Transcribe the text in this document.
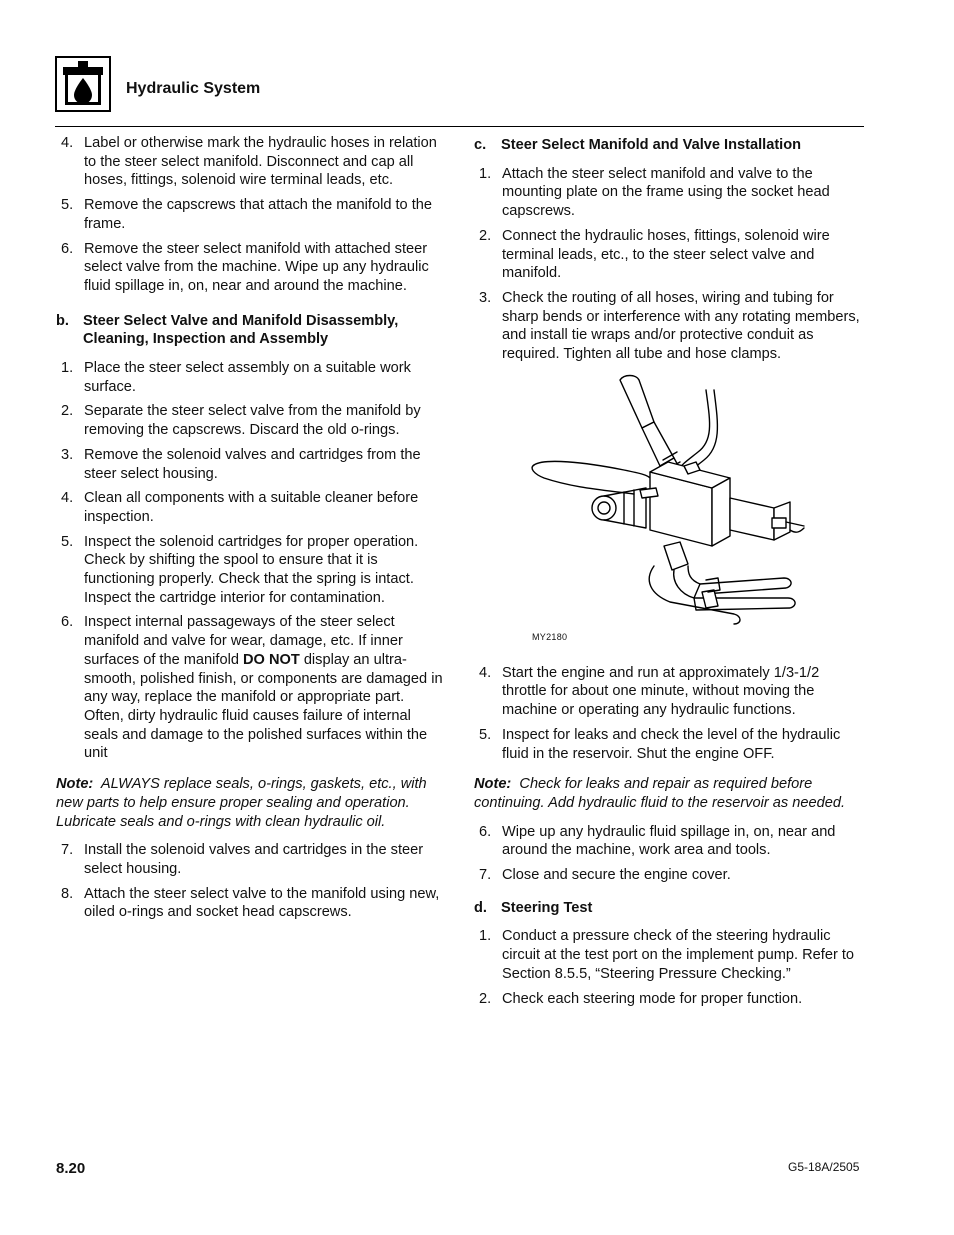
Hydraulic System
4. Label or otherwise mark the hydraulic hoses in relation to the steer select manifold. Disconnect and cap all hoses, fittings, solenoid wire terminal leads, etc.
5. Remove the capscrews that attach the manifold to the frame.
6. Remove the steer select manifold with attached steer select valve from the machine. Wipe up any hydraulic fluid spillage in, on, near and around the machine.
b. Steer Select Valve and Manifold Disassembly, Cleaning, Inspection and Assembly
1. Place the steer select assembly on a suitable work surface.
2. Separate the steer select valve from the manifold by removing the capscrews. Discard the old o-rings.
3. Remove the solenoid valves and cartridges from the steer select housing.
4. Clean all components with a suitable cleaner before inspection.
5. Inspect the solenoid cartridges for proper operation. Check by shifting the spool to ensure that it is functioning properly. Check that the spring is intact. Inspect the cartridge interior for contamination.
6. Inspect internal passageways of the steer select manifold and valve for wear, damage, etc. If inner surfaces of the manifold DO NOT display an ultra-smooth, polished finish, or components are damaged in any way, replace the manifold or appropriate part. Often, dirty hydraulic fluid causes failure of internal seals and damage to the polished surfaces within the unit
Note: ALWAYS replace seals, o-rings, gaskets, etc., with new parts to help ensure proper sealing and operation. Lubricate seals and o-rings with clean hydraulic oil.
7. Install the solenoid valves and cartridges in the steer select housing.
8. Attach the steer select valve to the manifold using new, oiled o-rings and socket head capscrews.
c. Steer Select Manifold and Valve Installation
1. Attach the steer select manifold and valve to the mounting plate on the frame using the socket head capscrews.
2. Connect the hydraulic hoses, fittings, solenoid wire terminal leads, etc., to the steer select valve and manifold.
3. Check the routing of all hoses, wiring and tubing for sharp bends or interference with any rotating members, and install tie wraps and/or protective conduit as required. Tighten all tube and hose clamps.
MY2180
4. Start the engine and run at approximately 1/3-1/2 throttle for about one minute, without moving the machine or operating any hydraulic functions.
5. Inspect for leaks and check the level of the hydraulic fluid in the reservoir. Shut the engine OFF.
Note: Check for leaks and repair as required before continuing. Add hydraulic fluid to the reservoir as needed.
6. Wipe up any hydraulic fluid spillage in, on, near and around the machine, work area and tools.
7. Close and secure the engine cover.
d. Steering Test
1. Conduct a pressure check of the steering hydraulic circuit at the test port on the implement pump. Refer to Section 8.5.5, “Steering Pressure Checking.”
2. Check each steering mode for proper function.
8.20	G5-18A/2505
